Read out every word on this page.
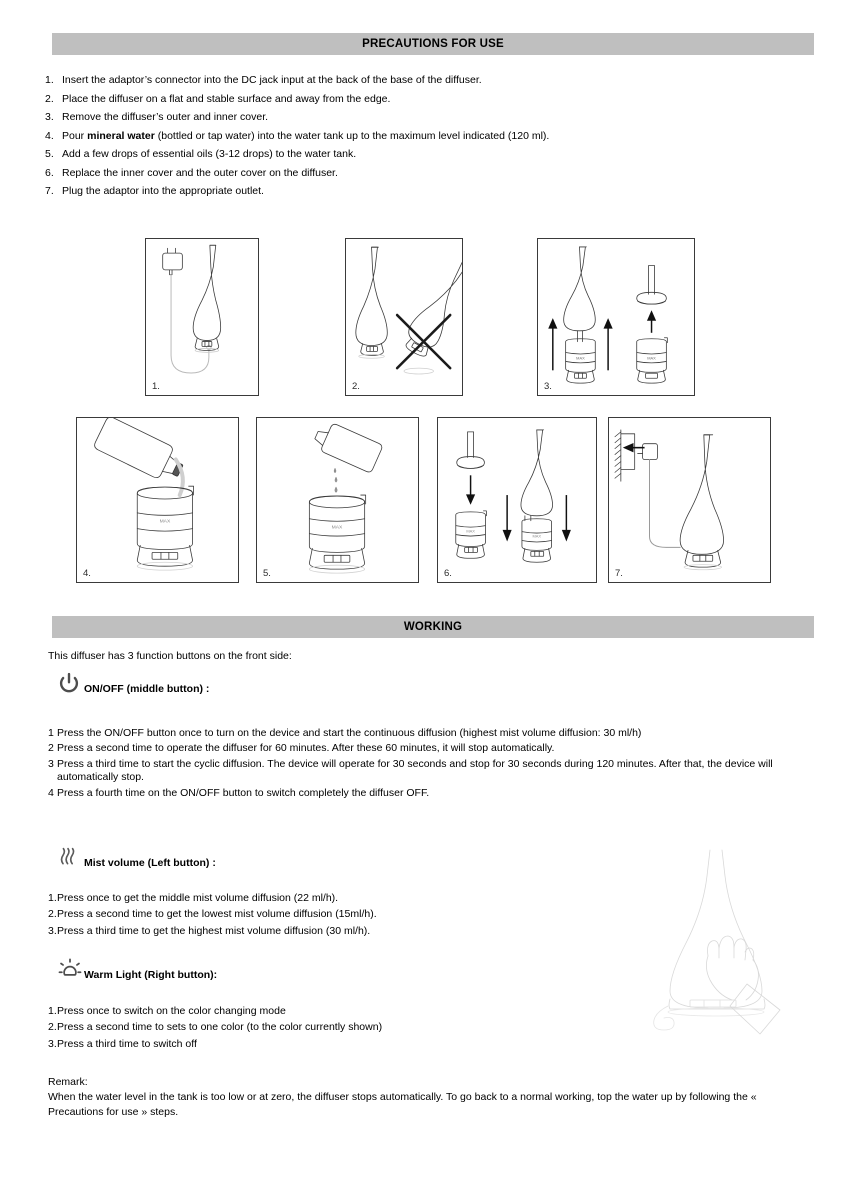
PRECAUTIONS FOR USE
1. Insert the adaptor’s connector into the DC jack input at the back of the base of the diffuser.
2. Place the diffuser on a flat and stable surface and away from the edge.
3. Remove the diffuser’s outer and inner cover.
4. Pour mineral water (bottled or tap water) into the water tank up to the maximum level indicated (120 ml).
5. Add a few drops of essential oils (3-12 drops) to the water tank.
6. Replace the inner cover and the outer cover on the diffuser.
7. Plug the adaptor into the appropriate outlet.
1.	2.
MAX	MAX
3.
MAX
4.
MAX
5.
MAX
MAX
6.	7.
WORKING
This diffuser has 3 function buttons on the front side:
ON/OFF (middle button) :
1 Press the ON/OFF button once to turn on the device and start the continuous diffusion (highest mist volume diffusion: 30 ml/h)
2 Press a second time to operate the diffuser for 60 minutes. After these 60 minutes, it will stop automatically.
3 Press a third time to start the cyclic diffusion. The device will operate for 30 seconds and stop for 30 seconds during 120 minutes. After that, the device will automatically stop.
4 Press a fourth time on the ON/OFF button to switch completely the diffuser OFF.
Mist volume (Left button) :
1. Press once to get the middle mist volume diffusion (22 ml/h).
2. Press a second time to get the lowest mist volume diffusion (15ml/h).
3. Press a third time to get the highest mist volume diffusion (30 ml/h).
Warm Light (Right button):
1. Press once to switch on the color changing mode
2. Press a second time to sets to one color (to the color currently shown)
3. Press a third time to switch off
Remark:
When the water level in the tank is too low or at zero, the diffuser stops automatically. To go back to a normal working, top the water up by following the « Precautions for use » steps.
